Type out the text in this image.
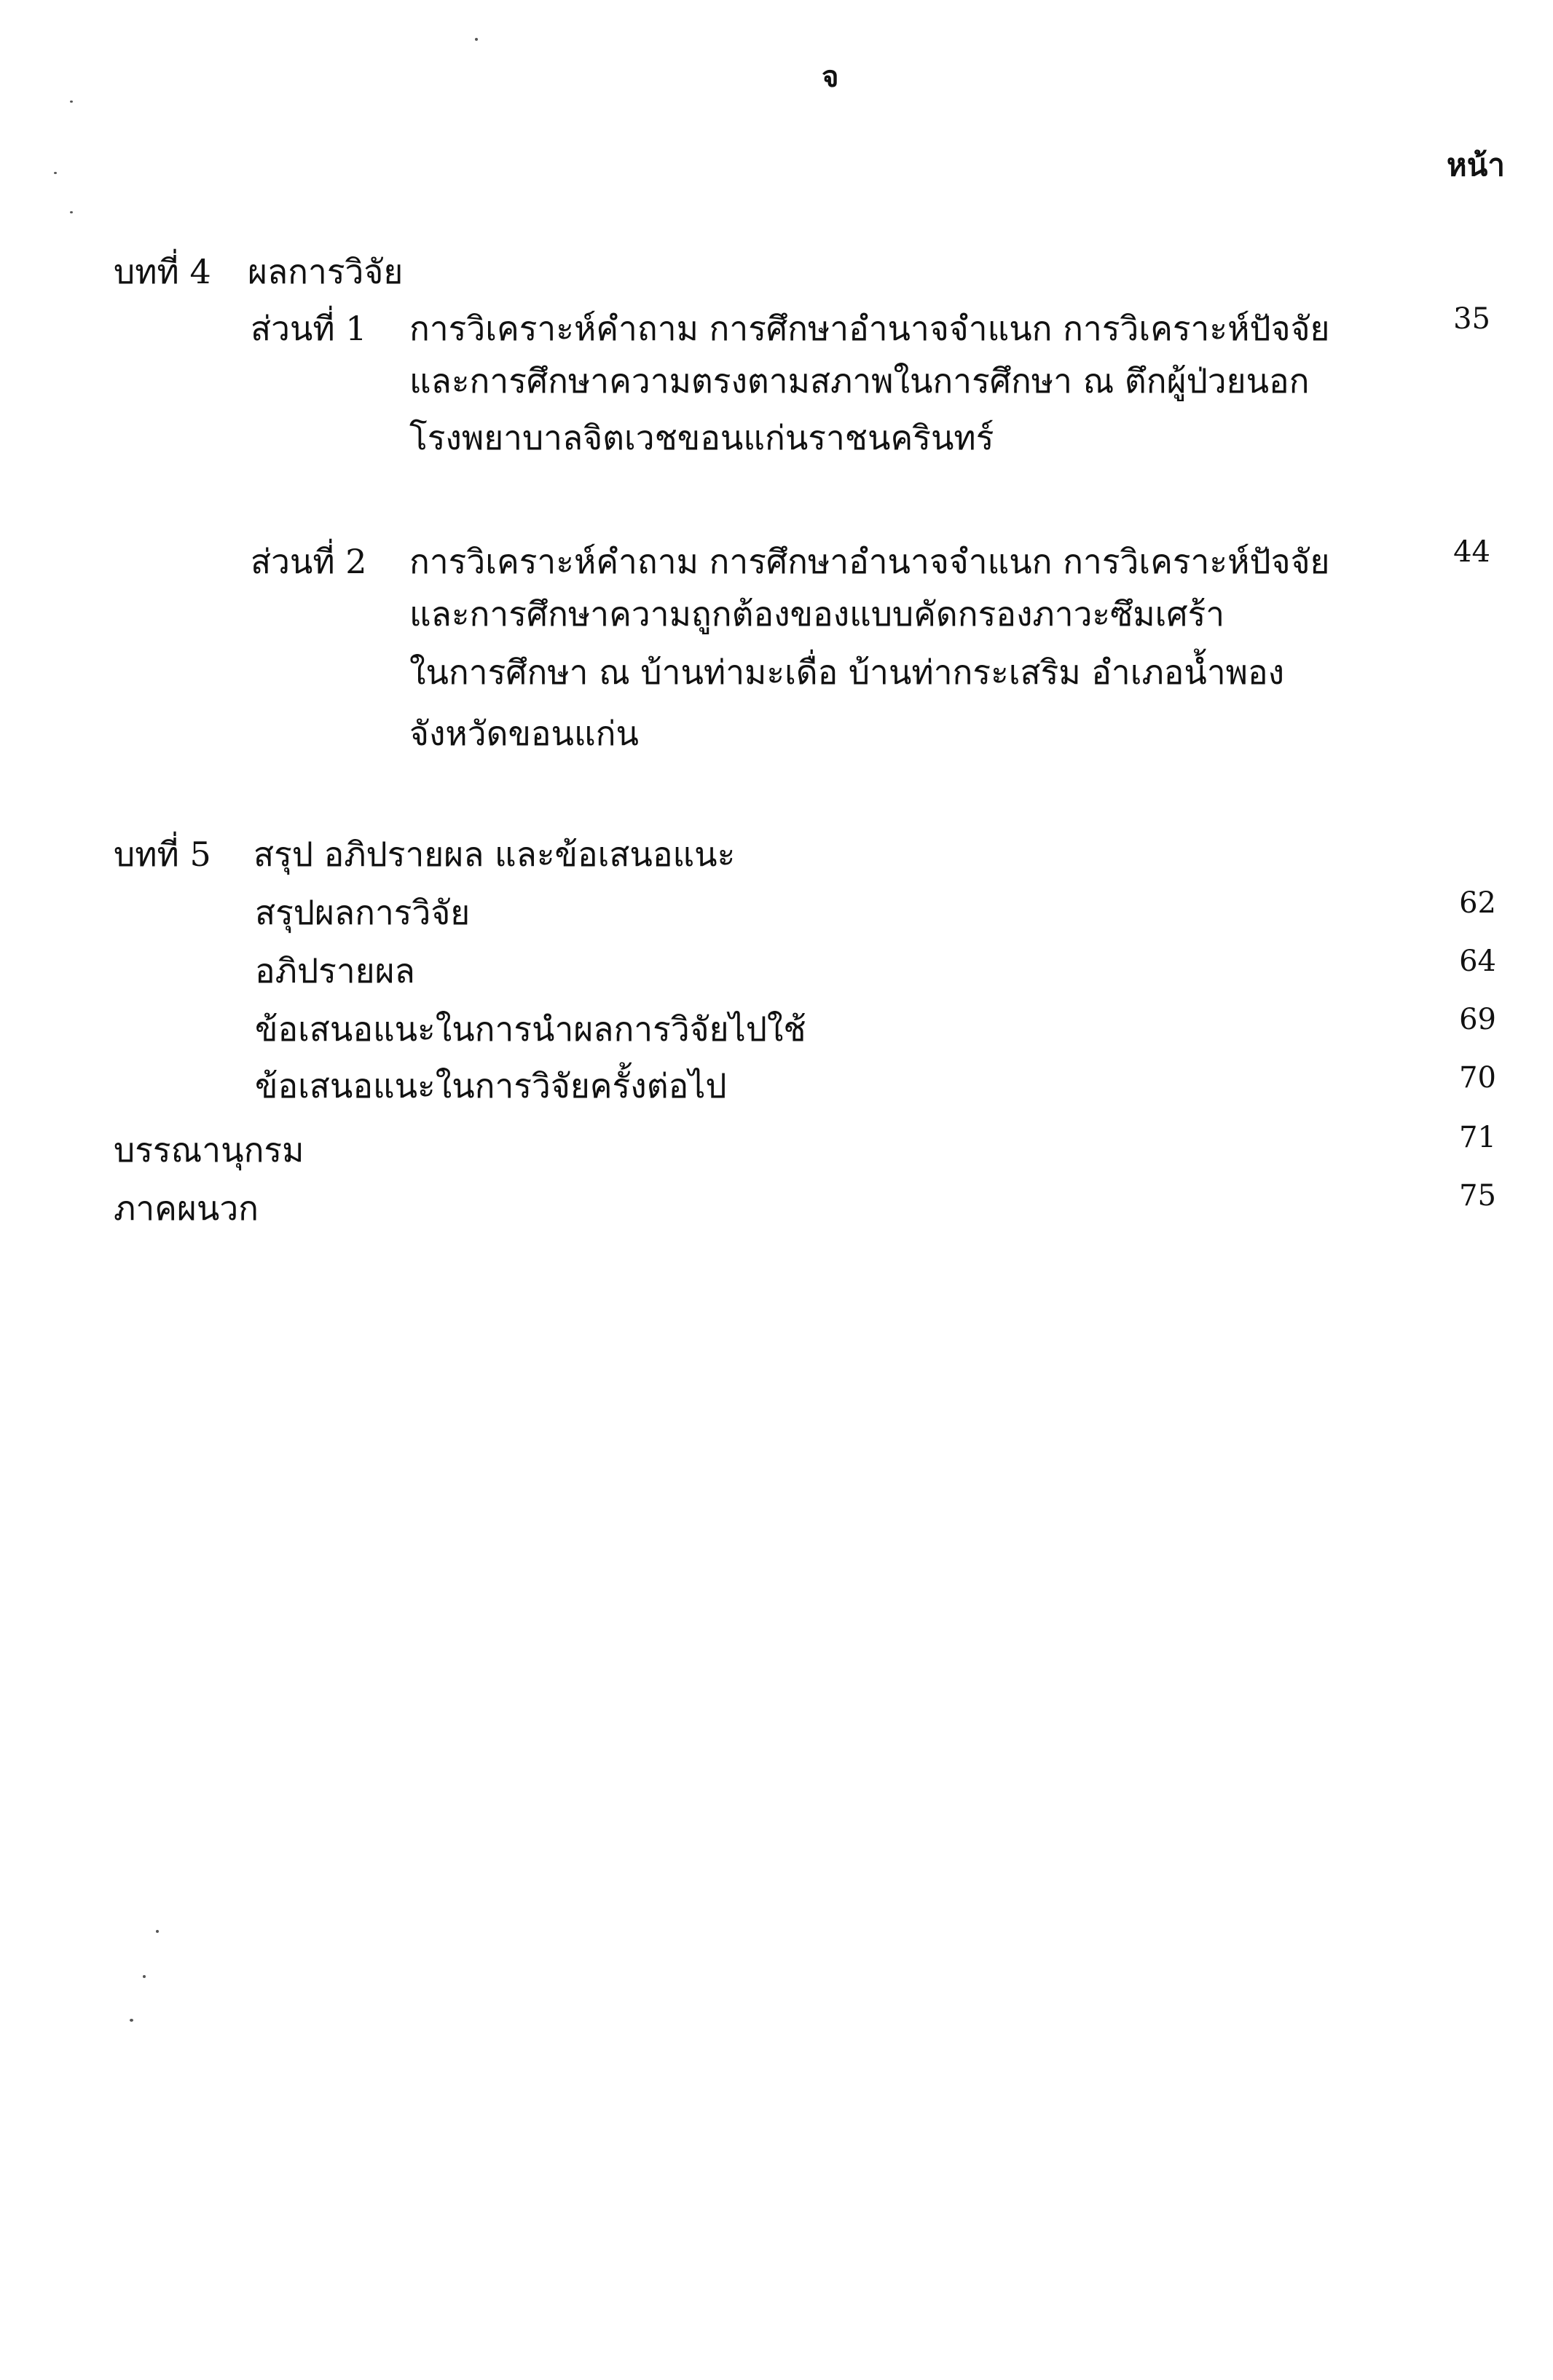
จ
หน้า
บทที่ 4 ผลการวิจัย
ส่วนที่ 1 การวิเคราะห์คำถาม การศึกษาอำนาจจำแนก การวิเคราะห์ปัจจัย
และการศึกษาความตรงตามสภาพในการศึกษา ณ ตึกผู้ป่วยนอก
โรงพยาบาลจิตเวชขอนแก่นราชนครินทร์
35
ส่วนที่ 2 การวิเคราะห์คำถาม การศึกษาอำนาจจำแนก การวิเคราะห์ปัจจัย
และการศึกษาความถูกต้องของแบบคัดกรองภาวะซึมเศร้า
ในการศึกษา ณ บ้านท่ามะเดื่อ บ้านท่ากระเสริม อำเภอน้ำพอง
จังหวัดขอนแก่น
44
บทที่ 5 สรุป อภิปรายผล และข้อเสนอแนะ
สรุปผลการวิจัย	62
อภิปรายผล	64
ข้อเสนอแนะในการนำผลการวิจัยไปใช้	69
ข้อเสนอแนะในการวิจัยครั้งต่อไป	70
บรรณานุกรม	71
ภาคผนวก	75
